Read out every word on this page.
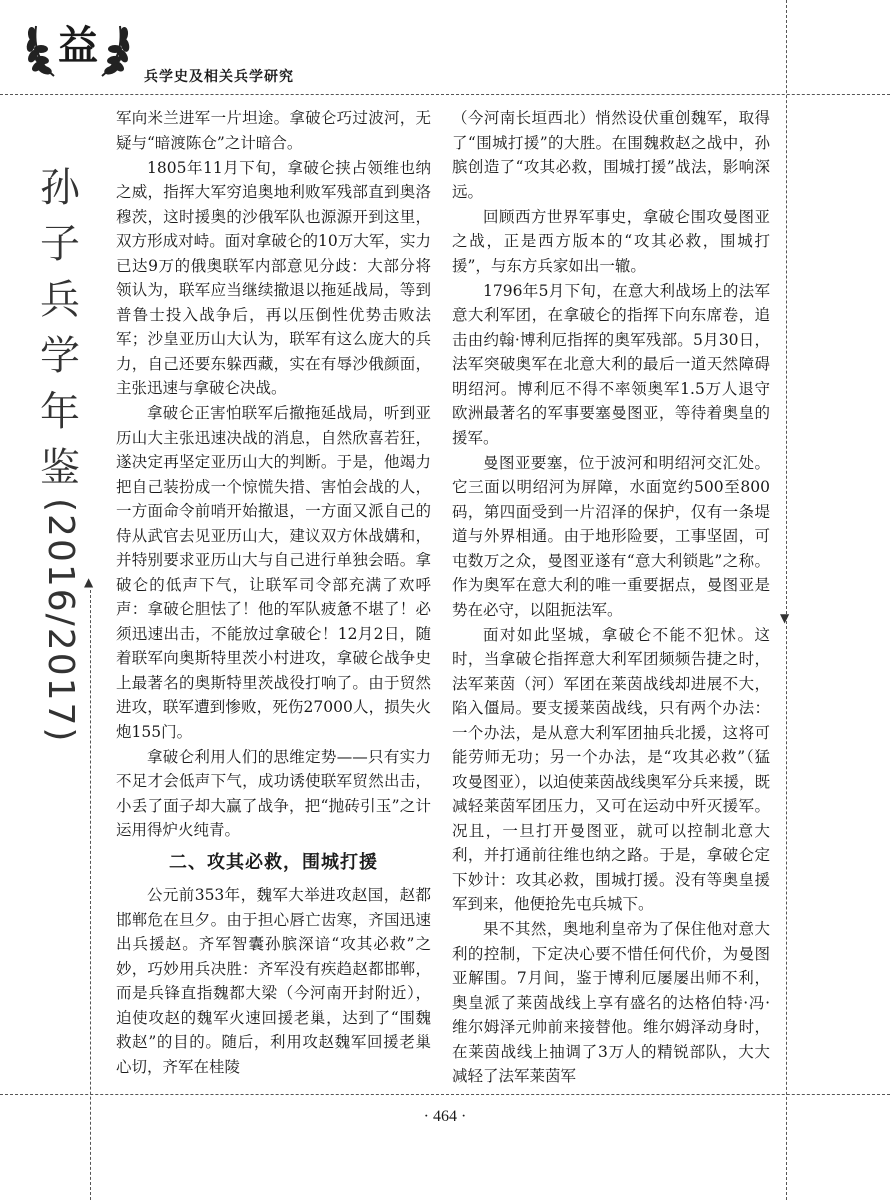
益
兵学史及相关兵学研究
▲
▼
孙
子
兵
学
年
鉴
(2016/2017)

军向米兰进军一片坦途。拿破仑巧过波河，无疑与“暗渡陈仓”之计暗合。

1805年11月下旬，拿破仑挟占领维也纳之威，指挥大军穷追奥地利败军残部直到奥洛穆茨，这时援奥的沙俄军队也源源开到这里，双方形成对峙。面对拿破仑的10万大军，实力已达9万的俄奥联军内部意见分歧：大部分将领认为，联军应当继续撤退以拖延战局，等到普鲁士投入战争后，再以压倒性优势击败法军；沙皇亚历山大认为，联军有这么庞大的兵力，自己还要东躲西藏，实在有辱沙俄颜面，主张迅速与拿破仑决战。

拿破仑正害怕联军后撤拖延战局，听到亚历山大主张迅速决战的消息，自然欣喜若狂，遂决定再坚定亚历山大的判断。于是，他竭力把自己装扮成一个惊慌失措、害怕会战的人，一方面命令前哨开始撤退，一方面又派自己的侍从武官去见亚历山大，建议双方休战媾和，并特别要求亚历山大与自己进行单独会晤。拿破仑的低声下气，让联军司令部充满了欢呼声：拿破仑胆怯了！他的军队疲惫不堪了！必须迅速出击，不能放过拿破仑！12月2日，随着联军向奥斯特里茨小村进攻，拿破仑战争史上最著名的奥斯特里茨战役打响了。由于贸然进攻，联军遭到惨败，死伤27000人，损失火炮155门。

拿破仑利用人们的思维定势——只有实力不足才会低声下气，成功诱使联军贸然出击，小丢了面子却大赢了战争，把“抛砖引玉”之计运用得炉火纯青。

二、攻其必救，围城打援

公元前353年，魏军大举进攻赵国，赵都邯郸危在旦夕。由于担心唇亡齿寒，齐国迅速出兵援赵。齐军智囊孙膑深谙“攻其必救”之妙，巧妙用兵决胜：齐军没有疾趋赵都邯郸，而是兵锋直指魏都大梁（今河南开封附近），迫使攻赵的魏军火速回援老巢，达到了“围魏救赵”的目的。随后，利用攻赵魏军回援老巢心切，齐军在桂陵

（今河南长垣西北）悄然设伏重创魏军，取得了“围城打援”的大胜。在围魏救赵之战中，孙膑创造了“攻其必救，围城打援”战法，影响深远。

回顾西方世界军事史，拿破仑围攻曼图亚之战，正是西方版本的“攻其必救，围城打援”，与东方兵家如出一辙。

1796年5月下旬，在意大利战场上的法军意大利军团，在拿破仑的指挥下向东席卷，追击由约翰·博利厄指挥的奥军残部。5月30日，法军突破奥军在北意大利的最后一道天然障碍明绍河。博利厄不得不率领奥军1.5万人退守欧洲最著名的军事要塞曼图亚，等待着奥皇的援军。

曼图亚要塞，位于波河和明绍河交汇处。它三面以明绍河为屏障，水面宽约500至800码，第四面受到一片沼泽的保护，仅有一条堤道与外界相通。由于地形险要，工事坚固，可屯数万之众，曼图亚遂有“意大利锁匙”之称。作为奥军在意大利的唯一重要据点，曼图亚是势在必守，以阻扼法军。

面对如此坚城，拿破仑不能不犯怵。这时，当拿破仑指挥意大利军团频频告捷之时，法军莱茵（河）军团在莱茵战线却进展不大，陷入僵局。要支援莱茵战线，只有两个办法：一个办法，是从意大利军团抽兵北援，这将可能劳师无功；另一个办法，是“攻其必救”（猛攻曼图亚），以迫使莱茵战线奥军分兵来援，既减轻莱茵军团压力，又可在运动中歼灭援军。况且，一旦打开曼图亚，就可以控制北意大利，并打通前往维也纳之路。于是，拿破仑定下妙计：攻其必救，围城打援。没有等奥皇援军到来，他便抢先屯兵城下。

果不其然，奥地利皇帝为了保住他对意大利的控制，下定决心要不惜任何代价，为曼图亚解围。7月间，鉴于博利厄屡屡出师不利，奥皇派了莱茵战线上享有盛名的达格伯特·冯·维尔姆泽元帅前来接替他。维尔姆泽动身时，在莱茵战线上抽调了3万人的精锐部队，大大减轻了法军莱茵军

· 464 ·
